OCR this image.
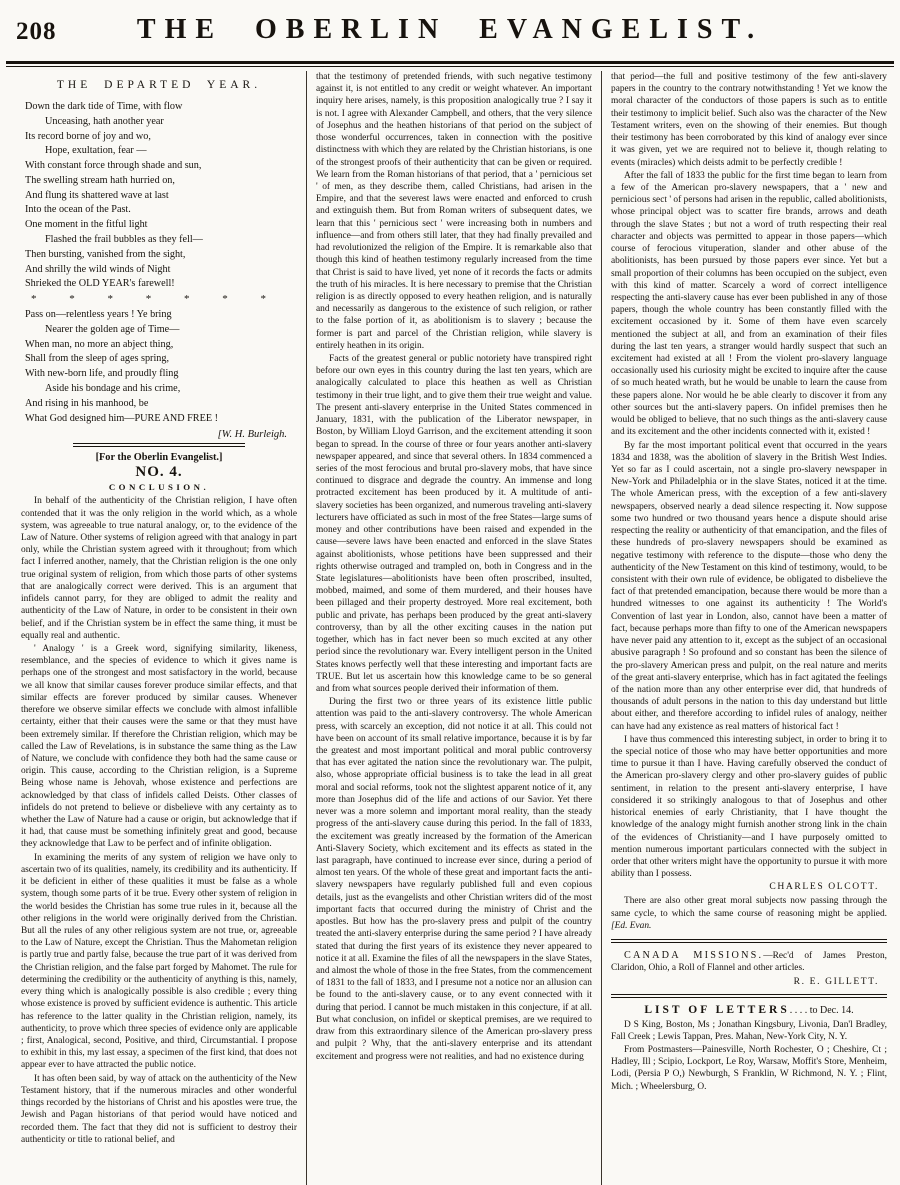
208	THE OBERLIN EVANGELIST.
THE DEPARTED YEAR.
Down the dark tide of Time, with flow
Unceasing, hath another year
Its record borne of joy and wo,
Hope, exultation, fear —
With constant force through shade and sun,
The swelling stream hath hurried on,
And flung its shattered wave at last
Into the ocean of the Past.
One moment in the fitful light
Flashed the frail bubbles as they fell—
Then bursting, vanished from the sight,
And shrilly the wild winds of Night
Shrieked the OLD YEAR's farewell!
* * * * * * *
Pass on—relentless years ! Ye bring
Nearer the golden age of Time—
When man, no more an abject thing,
Shall from the sleep of ages spring,
With new-born life, and proudly fling
Aside his bondage and his crime,
And rising in his manhood, be
What God designed him—PURE AND FREE !
[W. H. Burleigh.
[For the Oberlin Evangelist.]
NO. 4.
CONCLUSION.

In behalf of the authenticity of the Christian religion, I have often contended that it was the only religion in the world which, as a whole system, was agreeable to true natural analogy, or, to the evidence of the Law of Nature. Other systems of religion agreed with that analogy in part only, while the Christian system agreed with it throughout; from which fact I inferred another, namely, that the Christian religion is the one only true original system of religion, from which those parts of other systems that are analogically correct were derived. This is an argument that infidels cannot parry, for they are obliged to admit the reality and authenticity of the Law of Nature, in order to be consistent in their own belief, and if the Christian system be in effect the same thing, it must be equally real and authentic.

' Analogy ' is a Greek word, signifying similarity, likeness, resemblance, and the species of evidence to which it gives name is perhaps one of the strongest and most satisfactory in the world, because we all know that similar causes forever produce similar effects, and that similar effects are forever produced by similar causes. Whenever therefore we observe similar effects we conclude with almost infallible certainty, either that their causes were the same or that they must have been extremely similar. If therefore the Christian religion, which may be called the Law of Revelations, is in substance the same thing as the Law of Nature, we conclude with confidence they both had the same cause or origin. This cause, according to the Christian religion, is a Supreme Being whose name is Jehovah, whose existence and perfections are acknowledged by that class of infidels called Deists. Other classes of infidels do not pretend to believe or disbelieve with any certainty as to whether the Law of Nature had a cause or origin, but acknowledge that if it had, that cause must be something infinitely great and good, because they acknowledge that Law to be perfect and of infinite obligation.

In examining the merits of any system of religion we have only to ascertain two of its qualities, namely, its credibility and its authenticity. If it be deficient in either of these qualities it must be false as a whole system, though some parts of it be true. Every other system of religion in the world besides the Christian has some true rules in it, because all the other religions in the world were originally derived from the Christian. But all the rules of any other religious system are not true, or, agreeable to the Law of Nature, except the Christian. Thus the Mahometan religion is partly true and partly false, because the true part of it was derived from the Christian religion, and the false part forged by Mahomet. The rule for determining the credibility or the authenticity of anything is this, namely, every thing which is analogically possible is also credible ; every thing whose existence is proved by sufficient evidence is authentic. This article has reference to the latter quality in the Christian religion, namely, its authenticity, to prove which three species of evidence only are applicable ; first, Analogical, second, Positive, and third, Circumstantial. I propose to exhibit in this, my last essay, a specimen of the first kind, that does not appear ever to have attracted the public notice.

It has often been said, by way of attack on the authenticity of the New Testament history, that if the numerous miracles and other wonderful things recorded by the historians of Christ and his apostles were true, the Jewish and Pagan historians of that period would have noticed and recorded them. The fact that they did not is sufficient to destroy their authenticity or title to rational belief, and

that the testimony of pretended friends, with such negative testimony against it, is not entitled to any credit or weight whatever. An important inquiry here arises, namely, is this proposition analogically true ? I say it is not. I agree with Alexander Campbell, and others, that the very silence of Josephus and the heathen historians of that period on the subject of those wonderful occurrences, taken in connection with the positive distinctness with which they are related by the Christian historians, is one of the strongest proofs of their authenticity that can be given or required. We learn from the Roman historians of that period, that a ' pernicious set ' of men, as they describe them, called Christians, had arisen in the Empire, and that the severest laws were enacted and enforced to crush and extinguish them. But from Roman writers of subsequent dates, we learn that this ' pernicious sect ' were increasing both in numbers and influence—and from others still later, that they had finally prevailed and had revolutionized the religion of the Empire. It is remarkable also that though this kind of heathen testimony regularly increased from the time that Christ is said to have lived, yet none of it records the facts or admits the truth of his miracles. It is here necessary to premise that the Christian religion is as directly opposed to every heathen religion, and is naturally and necessarily as dangerous to the existence of such religion, or rather to the false portion of it, as abolitionism is to slavery ; because the former is part and parcel of the Christian religion, while slavery is entirely heathen in its origin.

Facts of the greatest general or public notoriety have transpired right before our own eyes in this country during the last ten years, which are analogically calculated to place this heathen as well as Christian testimony in their true light, and to give them their true weight and value. The present anti-slavery enterprise in the United States commenced in January, 1831, with the publication of the Liberator newspaper, in Boston, by William Lloyd Garrison, and the excitement attending it soon began to spread. In the course of three or four years another anti-slavery newspaper appeared, and since that several others. In 1834 commenced a series of the most ferocious and brutal pro-slavery mobs, that have since continued to disgrace and degrade the country. An immense and long protracted excitement has been produced by it. A multitude of anti-slavery societies has been organized, and numerous traveling anti-slavery lecturers have officiated as such in most of the free States—large sums of money and other contributions have been raised and expended in the cause—severe laws have been enacted and enforced in the slave States against abolitionists, whose petitions have been suppressed and their rights otherwise outraged and trampled on, both in Congress and in the State legislatures—abolitionists have been often proscribed, insulted, mobbed, maimed, and some of them murdered, and their houses have been pillaged and their property destroyed. More real excitement, both public and private, has perhaps been produced by the great anti-slavery controversy, than by all the other exciting causes in the nation put together, which has in fact never been so much excited at any other period since the revolutionary war. Every intelligent person in the United States knows perfectly well that these interesting and important facts are TRUE. But let us ascertain how this knowledge came to be so general and from what sources people derived their information of them.

During the first two or three years of its existence little public attention was paid to the anti-slavery controversy. The whole American press, with scarcely an exception, did not notice it at all. This could not have been on account of its small relative importance, because it is by far the greatest and most important political and moral public controversy that has ever agitated the nation since the revolutionary war. The pulpit, also, whose appropriate official business is to take the lead in all great moral and social reforms, took not the slightest apparent notice of it, any more than Josephus did of the life and actions of our Savior. Yet there never was a more solemn and important moral reality, than the steady progress of the anti-slavery cause during this period. In the fall of 1833, the excitement was greatly increased by the formation of the American Anti-Slavery Society, which excitement and its effects as stated in the last paragraph, have continued to increase ever since, during a period of almost ten years. Of the whole of these great and important facts the anti-slavery newspapers have regularly published full and even copious details, just as the evangelists and other Christian writers did of the most important facts that occurred during the ministry of Christ and the apostles. But how has the pro-slavery press and pulpit of the country treated the anti-slavery enterprise during the same period ? I have already stated that during the first years of its existence they never appeared to notice it at all. Examine the files of all the newspapers in the slave States, and almost the whole of those in the free States, from the commencement of 1831 to the fall of 1833, and I presume not a notice nor an allusion can be found to the anti-slavery cause, or to any event connected with it during that period. I cannot be much mistaken in this conjecture, if at all. But what conclusion, on infidel or skeptical premises, are we required to draw from this extraordinary silence of the American pro-slavery press and pulpit ? Why, that the anti-slavery enterprise and its attendant excitement and progress were not realities, and had no existence during

that period—the full and positive testimony of the few anti-slavery papers in the country to the contrary notwithstanding ! Yet we know the moral character of the conductors of those papers is such as to entitle their testimony to implicit belief. Such also was the character of the New Testament writers, even on the showing of their enemies. But though their testimony has been corroborated by this kind of analogy ever since it was given, yet we are required not to believe it, though relating to events (miracles) which deists admit to be perfectly credible !

After the fall of 1833 the public for the first time began to learn from a few of the American pro-slavery newspapers, that a ' new and pernicious sect ' of persons had arisen in the republic, called abolitionists, whose principal object was to scatter fire brands, arrows and death through the slave States ; but not a word of truth respecting their real character and objects was permitted to appear in those papers—which course of ferocious vituperation, slander and other abuse of the abolitionists, has been pursued by those papers ever since. Yet but a small proportion of their columns has been occupied on the subject, even with this kind of matter. Scarcely a word of correct intelligence respecting the anti-slavery cause has ever been published in any of those papers, though the whole country has been constantly filled with the excitement occasioned by it. Some of them have even scarcely mentioned the subject at all, and from an examination of their files during the last ten years, a stranger would hardly suspect that such an excitement had existed at all ! From the violent pro-slavery language occasionally used his curiosity might be excited to inquire after the cause of so much heated wrath, but he would be unable to learn the cause from these papers alone. Nor would he be able clearly to discover it from any other sources but the anti-slavery papers. On infidel premises then he would be obliged to believe, that no such things as the anti-slavery cause and its excitement and the other incidents connected with it, existed !

By far the most important political event that occurred in the years 1834 and 1838, was the abolition of slavery in the British West Indies. Yet so far as I could ascertain, not a single pro-slavery newspaper in New-York and Philadelphia or in the slave States, noticed it at the time. The whole American press, with the exception of a few anti-slavery newspapers, observed nearly a dead silence respecting it. Now suppose some two hundred or two thousand years hence a dispute should arise respecting the reality or authenticity of that emancipation, and the files of these hundreds of pro-slavery newspapers should be examined as negative testimony with reference to the dispute—those who deny the authenticity of the New Testament on this kind of testimony, would, to be consistent with their own rule of evidence, be obligated to disbelieve the fact of that pretended emancipation, because there would be more than a hundred witnesses to one against its authenticity ! The World's Convention of last year in London, also, cannot have been a matter of fact, because perhaps more than fifty to one of the American newspapers have never paid any attention to it, except as the subject of an occasional abusive paragraph ! So profound and so constant has been the silence of the pro-slavery American press and pulpit, on the real nature and merits of the great anti-slavery enterprise, which has in fact agitated the feelings of the nation more than any other enterprise ever did, that hundreds of thousands of adult persons in the nation to this day understand but little about either, and therefore according to infidel rules of analogy, neither can have had any existence as real matters of historical fact !

I have thus commenced this interesting subject, in order to bring it to the special notice of those who may have better opportunities and more time to pursue it than I have. Having carefully observed the conduct of the American pro-slavery clergy and other pro-slavery guides of public sentiment, in relation to the present anti-slavery enterprise, I have considered it so strikingly analogous to that of Josephus and other historical enemies of early Christianity, that I have thought the knowledge of the analogy might furnish another strong link in the chain of the evidences of Christianity—and I have purposely omitted to mention numerous important particulars connected with the subject in order that other writers might have the opportunity to pursue it with more ability than I possess.

CHARLES OLCOTT.

There are also other great moral subjects now passing through the same cycle, to which the same course of reasoning might be applied. [Ed. Evan.

CANADA MISSIONS.—Rec'd of James Preston, Claridon, Ohio, a Roll of Flannel and other articles.

R. E. GILLETT.
LIST OF LETTERS. . . . to Dec. 14.

D S King, Boston, Ms ; Jonathan Kingsbury, Livonia, Dan'l Bradley, Fall Creek ; Lewis Tappan, Pres. Mahan, New-York City, N. Y.

From Postmasters—Painesville, North Rochester, O ; Cheshire, Ct ; Hadley, Ill ; Scipio, Lockport, Le Roy, Warsaw, Moffit's Store, Menheim, Lodi, (Persia P O,) Newburgh, S Franklin, W Richmond, N. Y. ; Flint, Mich. ; Wheelersburg, O.
